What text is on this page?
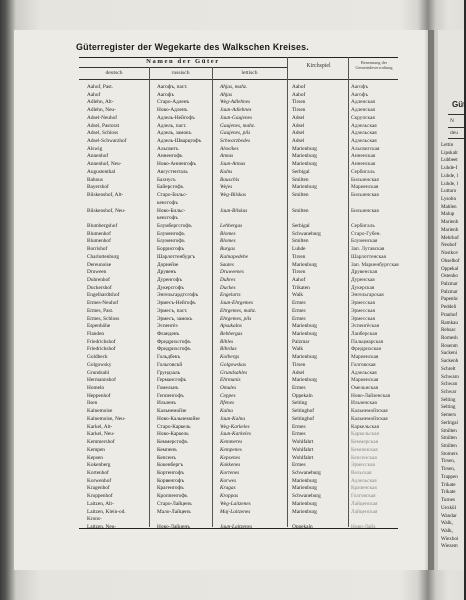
Güterregister der Wegekarte des Walkschen Kreises.
Namen der Güter
deutsch	russisch	lettisch
Kirchspiel
Benennung der
Gemeindeverwaltung
Aahof, Past.	Аагофъ, паст.	Ahjas, mahz.	Aahof	Аагофъ
Aahof	Аагофъ	Ahjas	Aahof	Аагофъ
Adlehn, Alt-	Старо-Адленъ	Weg-Adlehnes	Tirsen	Адленская
Adlehn, Neu-	Ново-Адленъ	Jaun-Adlehnes	Tirsen	Адленская
Adsel-Neuhof	Адзель-Нейгофъ	Jaun-Gaujenes	Adsel	Скрупская
Adsel, Pastorat	Адзель, паст.	Gaujenes, mahz.	Adsel	Адзельская
Adsel, Schloss	Адзель, замокъ	Gaujenes, pils	Adsel	Адзельская
Adsel-Schwarzhof	Адзель-Шварцгофъ	Schwarzbedes	Adsel	Адзельская
Alswig	Альсвигъ	Alswikes	Marienburg	Альсвигская
Annenhof	Анненгофъ	Annas	Marienburg	Анненская
Annenhof, Neu-	Ново-Анненгофъ	Jaun-Annas	Marienburg	Анненская
Augustenthal	Августенталь	Kalns	Serbigal	Сербигаль
Bahnus	Бахнусъ	Bauschis	Smilten	Бильзенская
Bayershof	Байерсгофъ	Wejes	Marienburg	Мариенская
Bilskenshof, Alt-	Старо-Бильс-	Weg-Bilskas	Smilten	Бильзенская
кенсгофъ
Bilskenshof, Neu-	Ново-Бильс-	Jaun-Bilskas	Smilten	Бильзенская
кенсгофъ
Blumbergshof	Блумбергсгофъ	Lehbergas	Serbigal	Сербигаль
Blumenhof	Блуменгофъ	Blomes	Schwaneburg	Старо-Губен.
Blumenhof	Блуменгофъ	Blomes	Smilten	Блуменская
Borrishof	Боррисгофъ	Burgas	Luhde	Зап. Лутавская
Charlottenburg	Шарлоттенбургъ	Kalnapedehe	Tirsen	Шарлоттенская
Dereunoise	Дорнейзе	Sautes	Marienburg	Зап. Мариенбургская
Druween	Друвенъ	Druweenes	Tirsen	Друвенская
Duhrenhof	Дуренгофъ	Duhres	Aahof	Дуренская
Duckershof	Дукерсгофъ	Duckes	Trikaten	Дукерская
Engelhardtshof	Энгельгардтсгофъ	Engelarts	Walk	Энгельгарская
Ermes-Neuhof	Эрмесъ-Нейгофъ	Jaun-Ehrgemes	Ermes	Эрмесская
Ermes, Past.	Эрмесъ, паст.	Ehrgemes, mahz.	Ermes	Эрмесская
Ermes, Schloss	Эрмесъ, замокъ	Ehrgemes, pils	Ermes	Эрмесская
Espenhöhe	Эспенгёэ	Apsukalns	Marienburg	Эспенгёская
Flanden	Фланденъ	Bebbergas	Marienburg	Лаиберская
Friedrichshof	Фридрихсгофъ	Bihles	Palzmar	Пальцмарская
Friedrichshof	Фридрихсгофъ	Bihrdas	Walk	Фридрихская
Goldbeck	Гольдбекъ	Kolbergs	Marienburg	Мариенская
Golgowsky	Гольговскй	Golgowskas	Tirsen	Голговская
Grundsahl	Грундзаль	Grundsahles	Adsel	Адзельская
Hermannshof	Германсгофъ	Ehrmanis	Marienburg	Мариенская
Homeln	Гомельнъ	Omules	Ermes	Омельнская
Heppenhof	Геппенгофъ	Ceppes	Oppekaln	Ново-Лайзенская
Ilsen	Ильзенъ	Ilfenes	Selting	Ильзенская
Kalnemoise	Кальнемойзе	Kalna	Seltinghof	Кальнемойзская
Kalnemoise, Neu-	Ново-Кальнемойзе	Jaun-Kalna	Seltinghof	Кальнемойзская
Karkel, Alt-	Старо-Каркель	Weg-Karkeles	Ermes	Каркельская
Karkel, Neu-	Ново-Каркель	Jaun-Karkeles	Ermes	Каркельская
Kemmershof	Кеммерсгофъ	Kemmeres	Wohlfahrt	Кеммерская
Kempen	Кемпенъ	Kempenes	Wohlfahrt	Кемпенская
Kepsen	Кепсенъ	Kepsenes	Wohlfahrt	Кепсенская
Kokenberg	Кокенбергъ	Kokkenes	Ermes	Эрмесская
Kortenhof	Кортенгофъ	Kortenes	Schwaneburg	Вельская
Korwenhof	Корвенгофъ	Korwes	Marienburg	Адзельская
Kragenhof	Крагенгофъ	Kragas	Marienburg	Краченская
Kroppenhof	Кроппенгофъ	Kroppas	Schwaneburg	Голговская
Laitzen, Alt-	Старо-Лайценъ	Weg-Laitzenes	Marienburg	Лайценская
Laitzen, Klein-od.	Мало-Лайценъ	Maj-Laitzenes	Marienburg	Лайценская
Krons-
Laitzen, Neu-	Ново-Лайценъ	Jaun-Laitzenes	Oppekaln	Ново-Лайз.
Güt
N
deu
Lettin
Lipskalr
Lubbeet
Luhde-I
Luhde, l
Luhde, l
Lutturo
Lysohn
Mahlen
Malup
Marienb
Marienb
Mehrhof
Neuhof
Nostkov
Ohselhof
Oppekal
Ostenho
Palzmar
Palzmar
Papenhc
Peddeli
Pranhof
Ramkau
Rehsac
Romesh
Rosenm
Sackeni
Sackenh
Schrelt
Schwaru
Schwan
Schwar
Selting
Selting
Semers
Serbigal
Smilten
Smilten
Smilten
Stomers
Tirsen,
Tirsen,
Trappen
Trikate
Trikate
Turnes
Uexkül
Wandar
Walk,
Walk,
Wiexhoi
Wiezem
